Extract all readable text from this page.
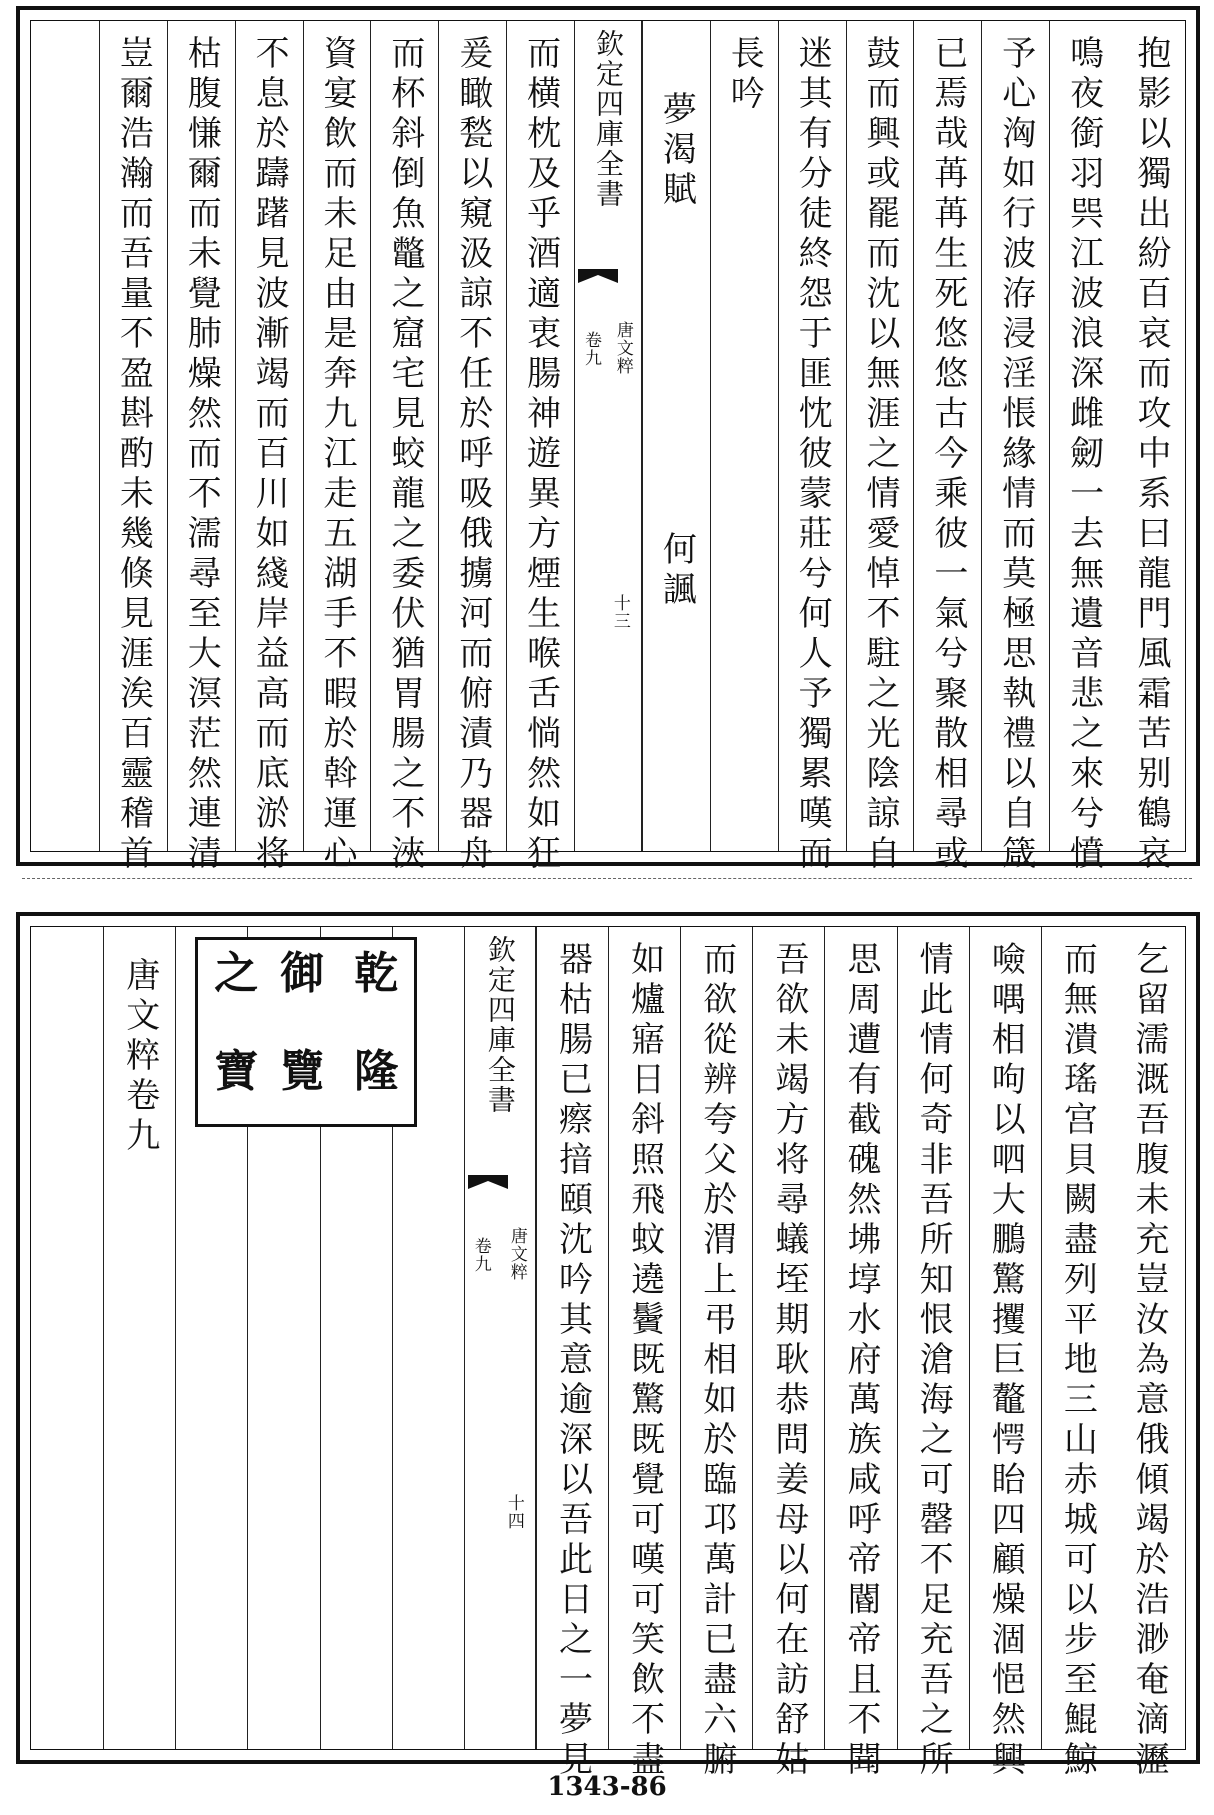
抱影以獨出紛百哀而攻中系曰龍門風霜苦别鶴哀
鳴夜銜羽巺江波浪深雌劒一去無遺音悲之來兮憤
予心洶如行波洊浸淫悵緣情而莫極思執禮以自箴
已焉哉苒苒生死悠悠古今乘彼一氣兮聚散相尋或
鼓而興或罷而沈以無涯之情愛悼不駐之光陰諒自
迷其有分徒終怨于匪忱彼蒙莊兮何人予獨累嘆而
長吟
夢渴賦　　　　　　　　何諷
欽定四庫全書
唐文粹
卷九
十三
而横枕及乎酒適衷腸神遊異方煙生喉舌惝然如狂
爰瞰甃以窺汲諒不任於呼吸俄擄河而俯漬乃器舟
而杯斜倒魚鼈之窟宅見蛟龍之委伏猶胃腸之不浹
資宴飲而未足由是奔九江走五湖手不暇於斡運心
不息於躊躇見波漸竭而百川如綫岸益高而底淤将
枯腹慊爾而未覺肺燥然而不濡尋至大溟茫然連清
豈爾浩瀚而吾量不盈斟酌未幾倏見涯涘百靈稽首
乞留濡溉吾腹未充豈汝為意俄傾竭於浩渺奄滴瀝
而無潰瑤宫貝闕盡列平地三山赤城可以步至鯤鯨
噞喁相呴以呬大鵬驚攫巨鼇愕眙四顧燥涸悒然興
情此情何奇非吾所知恨滄海之可罄不足充吾之所
思周遭有截磈然坲埻水府萬族咸呼帝閽帝且不聞
吾欲未竭方将尋蟻垤期耿恭問姜母以何在訪舒姑
而欲從辨夸父於渭上弔相如於臨邛萬計已盡六腑
如爐寤日斜照飛蚊遶鬢既驚既覺可嘆可笑飲不盡
器枯腸已瘵揞頤沈吟其意逾深以吾此日之一夢見
欽定四庫全書
唐文粹
卷九
十四
唐文粹卷九	乾
隆
御
覽
之
寶
1343-86
